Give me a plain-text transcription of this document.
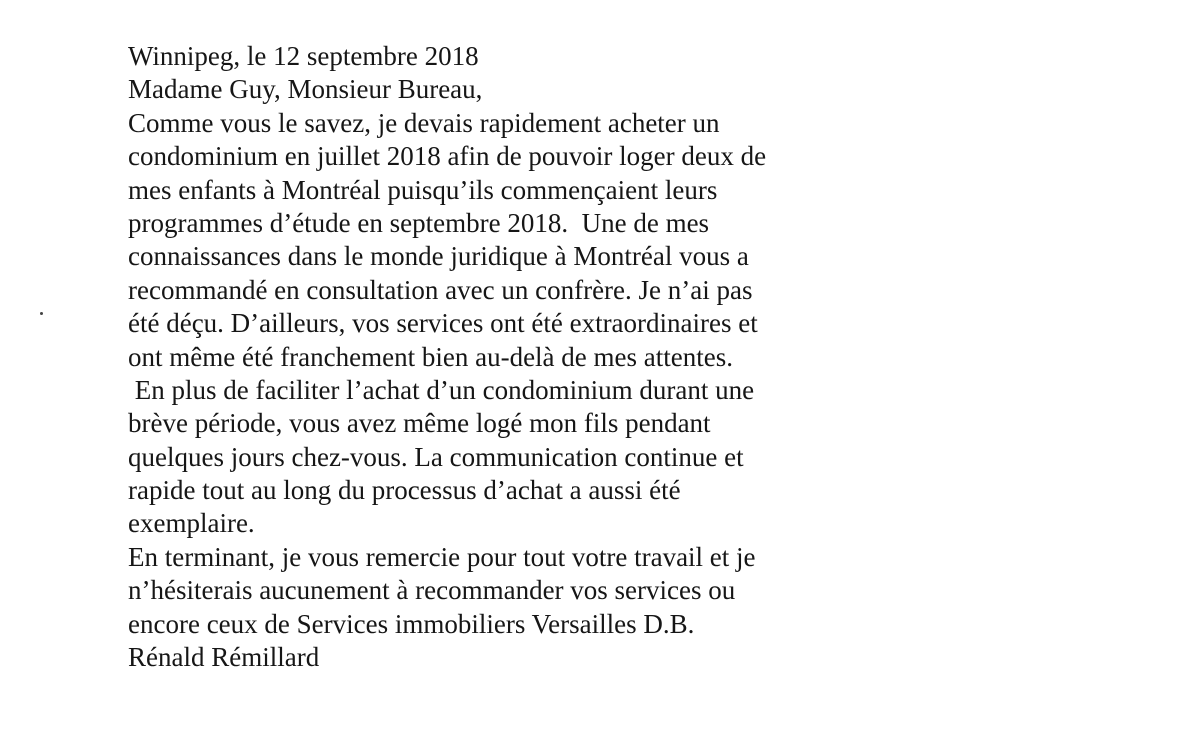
Winnipeg, le 12 septembre 2018
Madame Guy, Monsieur Bureau,
Comme vous le savez, je devais rapidement acheter un
condominium en juillet 2018 afin de pouvoir loger deux de
mes enfants à Montréal puisqu’ils commençaient leurs
programmes d’étude en septembre 2018.  Une de mes
connaissances dans le monde juridique à Montréal vous a
recommandé en consultation avec un confrère. Je n’ai pas
été déçu. D’ailleurs, vos services ont été extraordinaires et
ont même été franchement bien au-delà de mes attentes.
En plus de faciliter l’achat d’un condominium durant une
brève période, vous avez même logé mon fils pendant
quelques jours chez-vous. La communication continue et
rapide tout au long du processus d’achat a aussi été
exemplaire.
En terminant, je vous remercie pour tout votre travail et je
n’hésiterais aucunement à recommander vos services ou
encore ceux de Services immobiliers Versailles D.B.
Rénald Rémillard
